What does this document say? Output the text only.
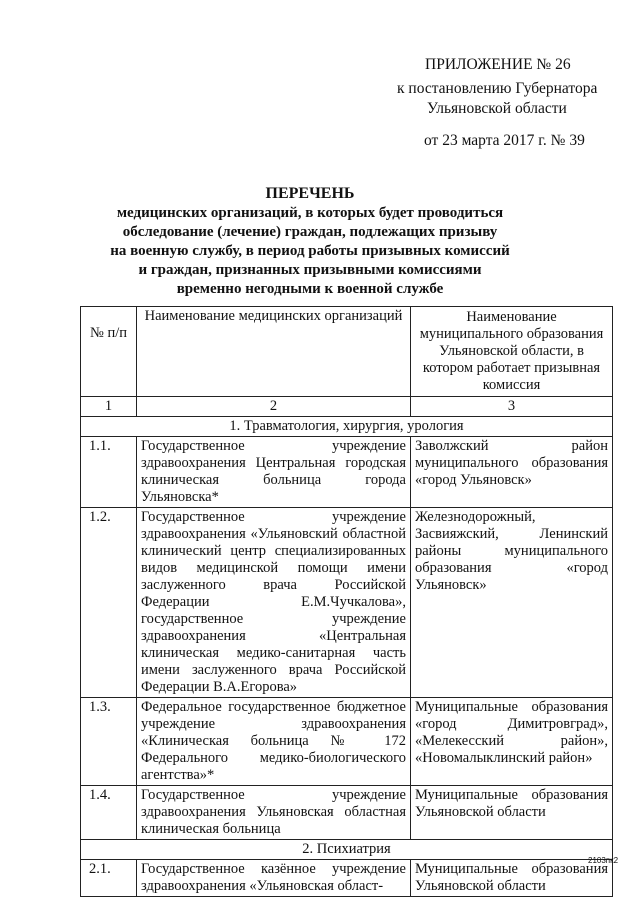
ПРИЛОЖЕНИЕ № 26
к постановлению Губернатора
Ульяновской области
от 23 марта 2017 г. № 39
ПЕРЕЧЕНЬ
медицинских организаций, в которых будет проводиться
обследование (лечение) граждан, подлежащих призыву
на военную службу, в период работы призывных комиссий
и граждан, признанных призывными комиссиями
временно негодными к военной службе
№ п/п	Наименование медицинских организаций	Наименование муниципального образования Ульяновской области, в котором работает призывная комиссия
1	2	3
1. Травматология, хирургия, урология		
1.1.	Государственное учреждение здравоохранения Центральная городская клиническая больница города Ульяновска*	Заволжский район муниципального образования «город Ульяновск»
1.2.	Государственное учреждение здравоохранения «Ульяновский областной клинический центр специализированных видов медицинской помощи имени заслуженного врача Российской Федерации Е.М.Чучкалова», государственное учреждение здравоохранения «Центральная клиническая медико-санитарная часть имени заслуженного врача Российской Федерации В.А.Егорова»	Железнодорожный, Засвияжский, Ленинский районы муниципального образования «город Ульяновск»
1.3.	Федеральное государственное бюджетное учреждение здравоохранения «Клиническая больница № 172 Федерального медико-биологического агентства»*	Муниципальные образования «город Димитровград», «Мелекесский район», «Новомалыклинский район»
1.4.	Государственное учреждение здравоохранения Ульяновская областная клиническая больница	Муниципальные образования Ульяновской области
2. Психиатрия		
2.1.	Государственное казённое учреждение здравоохранения «Ульяновская област-	Муниципальные образования Ульяновской области
2103пк2
